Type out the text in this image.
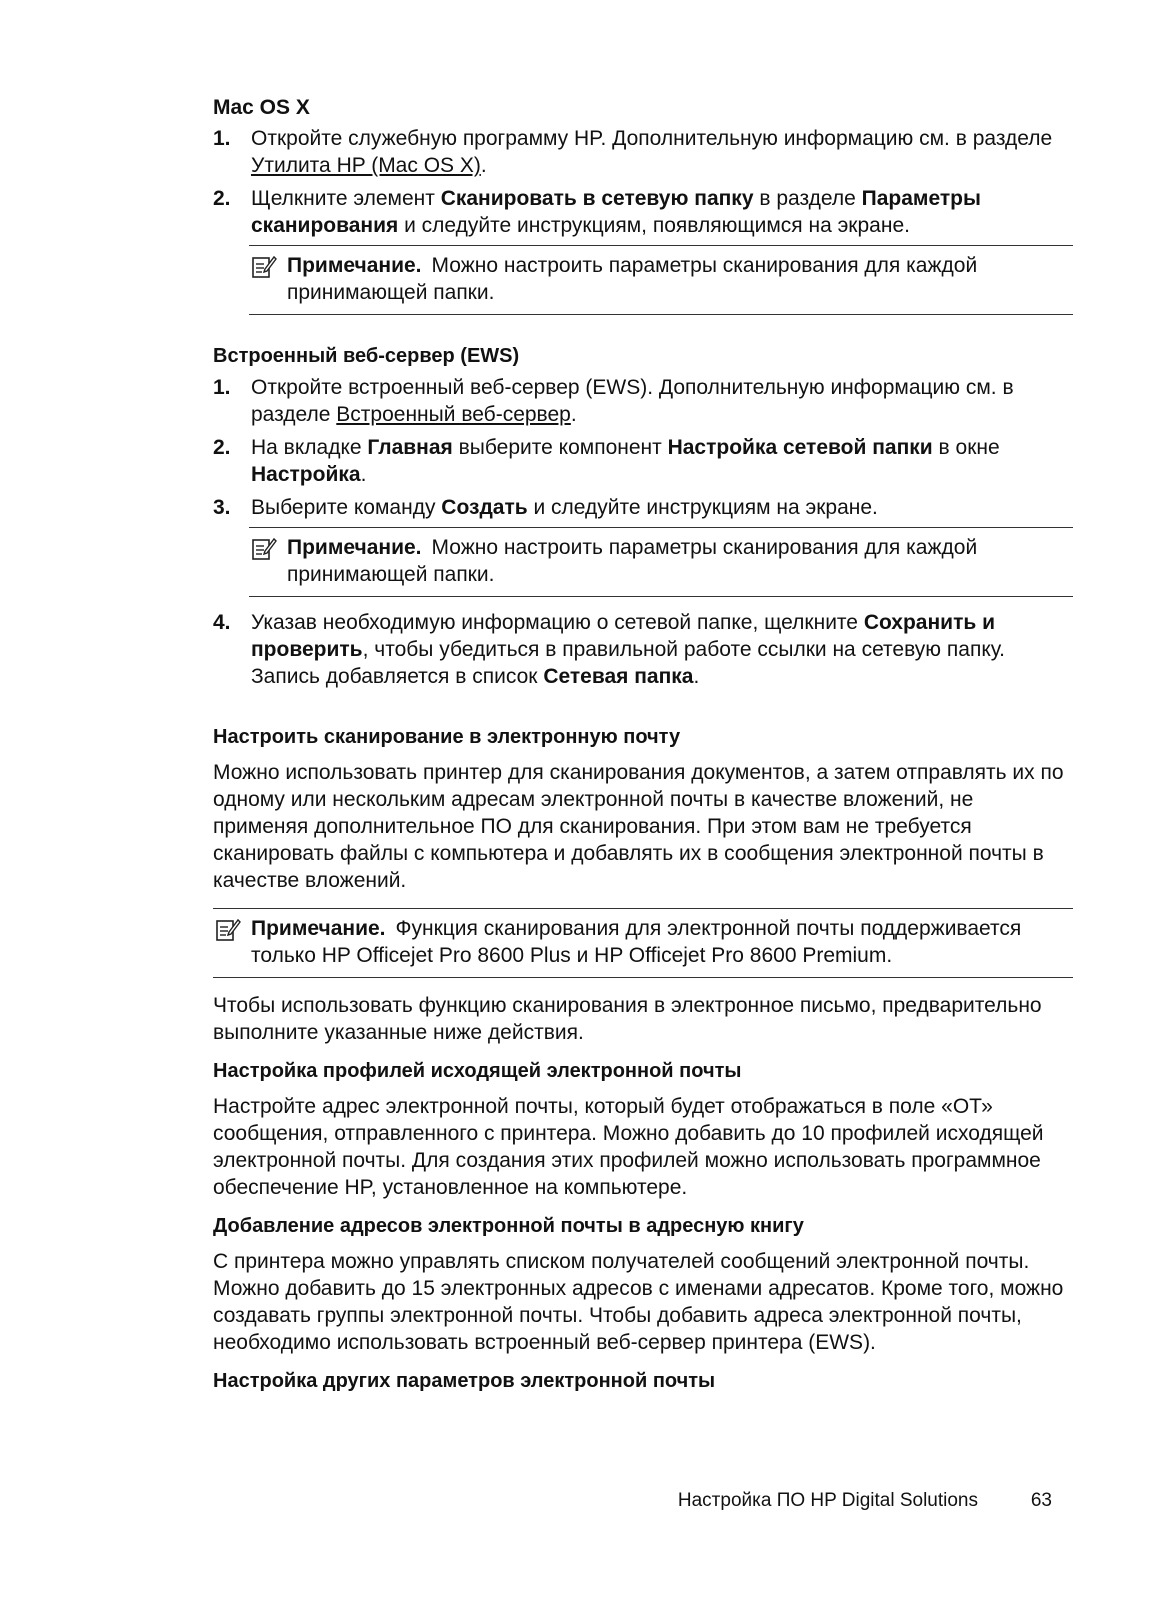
Mac OS X

1. Откройте служебную программу HP. Дополнительную информацию см. в разделе Утилита HP (Mac OS X).
2. Щелкните элемент Сканировать в сетевую папку в разделе Параметры сканирования и следуйте инструкциям, появляющимся на экране.
Примечание. Можно настроить параметры сканирования для каждой принимающей папки.

Встроенный веб-сервер (EWS)

1. Откройте встроенный веб-сервер (EWS). Дополнительную информацию см. в разделе Встроенный веб-сервер.
2. На вкладке Главная выберите компонент Настройка сетевой папки в окне Настройка.
3. Выберите команду Создать и следуйте инструкциям на экране.
Примечание. Можно настроить параметры сканирования для каждой принимающей папки.
4. Указав необходимую информацию о сетевой папке, щелкните Сохранить и проверить, чтобы убедиться в правильной работе ссылки на сетевую папку. Запись добавляется в список Сетевая папка.

Настроить сканирование в электронную почту

Можно использовать принтер для сканирования документов, а затем отправлять их по одному или нескольким адресам электронной почты в качестве вложений, не применяя дополнительное ПО для сканирования. При этом вам не требуется сканировать файлы с компьютера и добавлять их в сообщения электронной почты в качестве вложений.

Примечание. Функция сканирования для электронной почты поддерживается только HP Officejet Pro 8600 Plus и HP Officejet Pro 8600 Premium.

Чтобы использовать функцию сканирования в электронное письмо, предварительно выполните указанные ниже действия.

Настройка профилей исходящей электронной почты

Настройте адрес электронной почты, который будет отображаться в поле «ОТ» сообщения, отправленного с принтера. Можно добавить до 10 профилей исходящей электронной почты. Для создания этих профилей можно использовать программное обеспечение HP, установленное на компьютере.

Добавление адресов электронной почты в адресную книгу

С принтера можно управлять списком получателей сообщений электронной почты. Можно добавить до 15 электронных адресов с именами адресатов. Кроме того, можно создавать группы электронной почты. Чтобы добавить адреса электронной почты, необходимо использовать встроенный веб-сервер принтера (EWS).

Настройка других параметров электронной почты

Настройка ПО HP Digital Solutions	63
